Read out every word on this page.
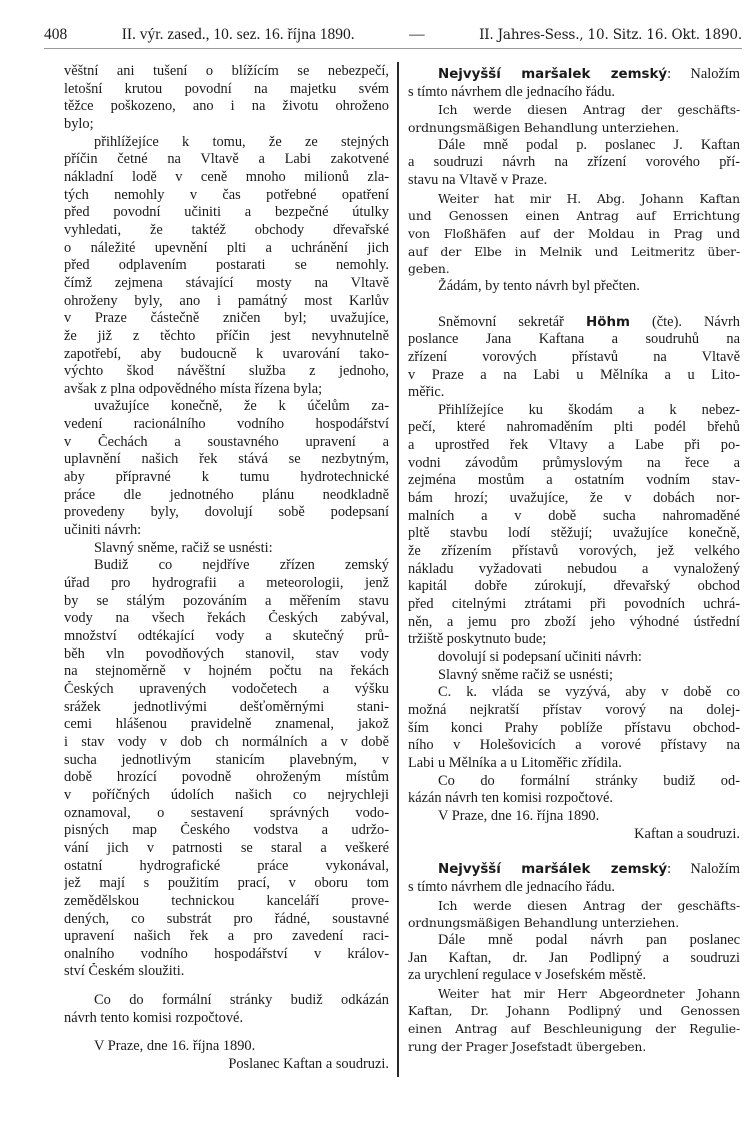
408	II. výr. zased., 10. sez. 16. října 1890.	—	II. Jahres-Sess., 10. Sitz. 16. Okt. 1890.
věštní ani tušení o blížícím se nebezpečí,
letošní krutou povodní na majetku svém
těžce poškozeno, ano i na životu ohroženo
bylo;
přihlížejíce k tomu, že ze stejných
příčin četné na Vltavě a Labi zakotvené
nákladní lodě v ceně mnoho milionů zla-
tých nemohly v čas potřebné opatření
před povodní učiniti a bezpečné útulky
vyhledati, že taktéž obchody dřevařské
o náležité upevnění plti a uchránění jich
před odplavením postarati se nemohly.
čímž zejmena stávající mosty na Vltavě
ohroženy byly, ano i památný most Karlův
v Praze částečně zničen byl; uvažujíce,
že již z těchto příčin jest nevyhnutelně
zapotřebí, aby budoucně k uvarování tako-
výchto škod návěštní služba z jednoho,
avšak z plna odpovědného místa řízena byla;
uvažujíce konečně, že k účelům za-
vedení racionálního vodního hospodářství
v Čechách a soustavného upravení a
uplavnění našich řek stává se nezbytným,
aby přípravné k tumu hydrotechnické
práce dle jednotného plánu neodkladně
provedeny byly, dovolují sobě podepsaní
učiniti návrh:
Slavný sněme, račiž se usnésti:
Budiž co nejdříve zřízen zemský
úřad pro hydrografii a meteorologii, jenž
by se stálým pozováním a měřením stavu
vody na všech řekách Českých zabýval,
množství odtékající vody a skutečný prů-
běh vln povodňových stanovil, stav vody
na stejnoměrně v hojném počtu na řekách
Českých upravených vodočetech a výšku
srážek jednotlivými dešťoměrnými stani-
cemi hlášenou pravidelně znamenal, jakož
i stav vody v dob ch normálních a v době
sucha jednotlivým stanicím plavebným, v
době hrozící povodně ohroženým místům
v poříčných údolích našich co nejrychleji
oznamoval, o sestavení správných vodo-
pisných map Českého vodstva a udržo-
vání jich v patrnosti se staral a veškeré
ostatní hydrografické práce vykonával,
jež mají s použitím prací, v oboru tom
zemědělskou technickou kanceláří prove-
dených, co substrát pro řádné, soustavné
upravení našich řek a pro zavedení raci-
onalního vodního hospodářství v králov-
ství Českém sloužiti.
Co do formální stránky budiž odkázán
návrh tento komisi rozpočtové.
V Praze, dne 16. října 1890.
Poslanec Kaftan a soudruzi.
Nejvyšší maršalek zemský: Naložím
s tímto návrhem dle jednacího řádu.
Ich werde diesen Antrag der geschäfts-
ordnungsmäßigen Behandlung unterziehen.
Dále mně podal p. poslanec J. Kaftan
a soudruzi návrh na zřízení vorového pří-
stavu na Vltavě v Praze.
Weiter hat mir H. Abg. Johann Kaftan
und Genossen einen Antrag auf Errichtung
von Floßhäfen auf der Moldau in Prag und
auf der Elbe in Melnik und Leitmeritz über-
geben.
Žádám, by tento návrh byl přečten.
Sněmovní sekretář Höhm (čte). Návrh
poslance Jana Kaftana a soudruhů na
zřízení vorových přístavů na Vltavě
v Praze a na Labi u Mělníka a u Lito-
měřic.
Přihlížejíce ku škodám a k nebez-
pečí, které nahromaděním plti podél břehů
a uprostřed řek Vltavy a Labe při po-
vodni závodům průmyslovým na řece a
zejména mostům a ostatním vodním stav-
bám hrozí; uvažujíce, že v dobách nor-
malních a v době sucha nahromaděné
pltě stavbu lodí stěžují; uvažujíce konečně,
že zřízením přístavů vorových, jež velkého
nákladu vyžadovati nebudou a vynaložený
kapitál dobře zúrokují, dřevařský obchod
před citelnými ztrátami při povodních uchrá-
něn, a jemu pro zboží jeho výhodné ústřední
tržiště poskytnuto bude;
dovolují si podepsaní učiniti návrh:
Slavný sněme račiž se usnésti;
C. k. vláda se vyzývá, aby v době co
možná nejkratší přístav vorový na dolej-
ším konci Prahy poblíže přístavu obchod-
ního v Holešovicích a vorové přístavy na
Labi u Mělníka a u Litoměřic zřídila.
Co do formální stránky budiž od-
kázán návrh ten komisi rozpočtové.
V Praze, dne 16. října 1890.
Kaftan a soudruzi.
Nejvyšší maršálek zemský: Naložím
s tímto návrhem dle jednacího řádu.
Ich werde diesen Antrag der geschäfts-
ordnungsmäßigen Behandlung unterziehen.
Dále mně podal návrh pan poslanec
Jan Kaftan, dr. Jan Podlipný a soudruzi
za urychlení regulace v Josefském městě.
Weiter hat mir Herr Abgeordneter Johann
Kaftan, Dr. Johann Podlipný und Genossen
einen Antrag auf Beschleunigung der Regulie-
rung der Prager Josefstadt übergeben.
